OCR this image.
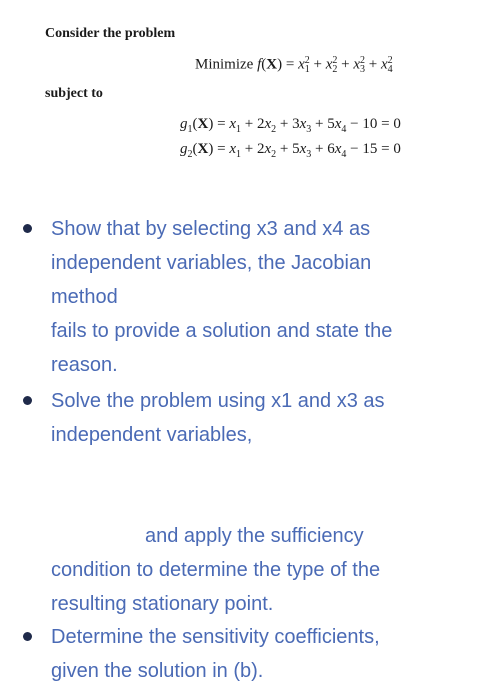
Consider the problem
Minimize f(X) = x 2
1 + x 2
2 + x 2
3 + x 2
4
subject to
$g_1(X) = x_1 + 2x_2 + 3x_3 + 5x_4 - 10 = 0$
$g_2(X) = x_1 + 2x_2 + 5x_3 + 6x_4 - 15 = 0$
Show that by selecting x3 and x4 as
independent variables, the Jacobian
method
fails to provide a solution and state the
reason.
Solve the problem using x1 and x3 as
independent variables,
and apply the sufficiency
condition to determine the type of the
resulting stationary point.
Determine the sensitivity coefficients,
given the solution in (b).
